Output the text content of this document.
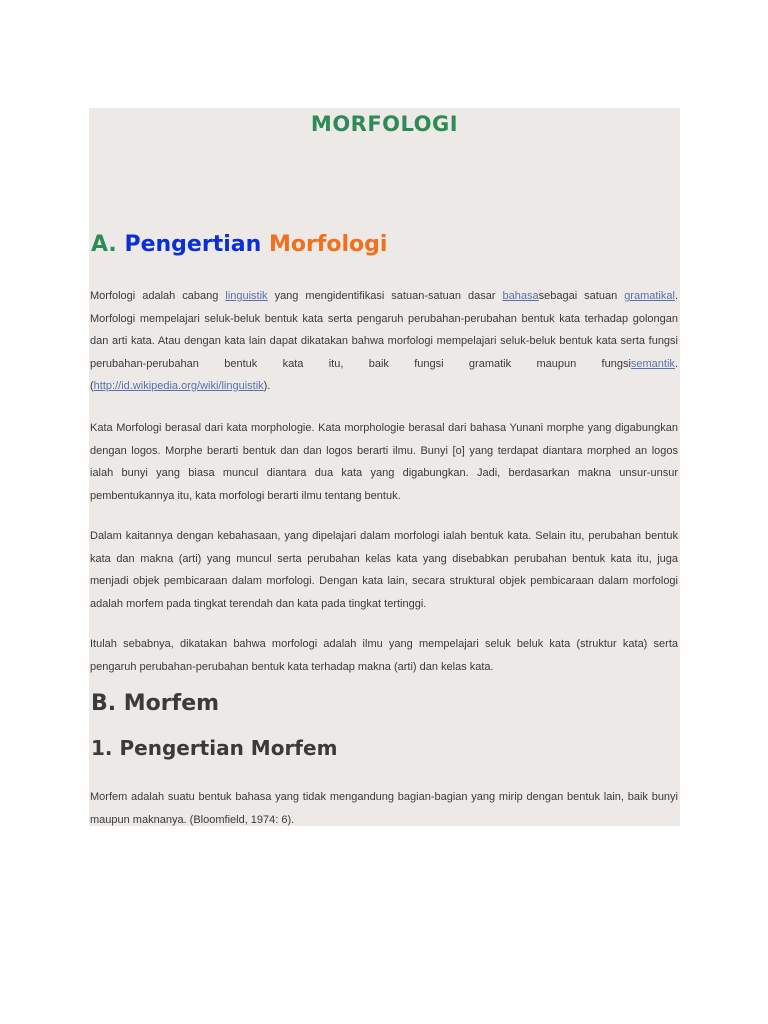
MORFOLOGI
A. Pengertian Morfologi

Morfologi adalah cabang linguistik yang mengidentifikasi satuan-satuan dasar bahasasebagai satuan gramatikal. Morfologi mempelajari seluk-beluk bentuk kata serta pengaruh perubahan-perubahan bentuk kata terhadap golongan dan arti kata. Atau dengan kata lain dapat dikatakan bahwa morfologi mempelajari seluk-beluk bentuk kata serta fungsi perubahan-perubahan bentuk kata itu, baik fungsi gramatik maupun fungsisemantik. (http://id.wikipedia.org/wiki/linguistik).

Kata Morfologi berasal dari kata morphologie. Kata morphologie berasal dari bahasa Yunani morphe yang digabungkan dengan logos. Morphe berarti bentuk dan dan logos berarti ilmu. Bunyi [o] yang terdapat diantara morphed an logos ialah bunyi yang biasa muncul diantara dua kata yang digabungkan. Jadi, berdasarkan makna unsur-unsur pembentukannya itu, kata morfologi berarti ilmu tentang bentuk.

Dalam kaitannya dengan kebahasaan, yang dipelajari dalam morfologi ialah bentuk kata. Selain itu, perubahan bentuk kata dan makna (arti) yang muncul serta perubahan kelas kata yang disebabkan perubahan bentuk kata itu, juga menjadi objek pembicaraan dalam morfologi. Dengan kata lain, secara struktural objek pembicaraan dalam morfologi adalah morfem pada tingkat terendah dan kata pada tingkat tertinggi.

Itulah sebabnya, dikatakan bahwa morfologi adalah ilmu yang mempelajari seluk beluk kata (struktur kata) serta pengaruh perubahan-perubahan bentuk kata terhadap makna (arti) dan kelas kata.

B. Morfem
1. Pengertian Morfem

Morfem adalah suatu bentuk bahasa yang tidak mengandung bagian-bagian yang mirip dengan bentuk lain, baik bunyi maupun maknanya. (Bloomfield, 1974: 6).
